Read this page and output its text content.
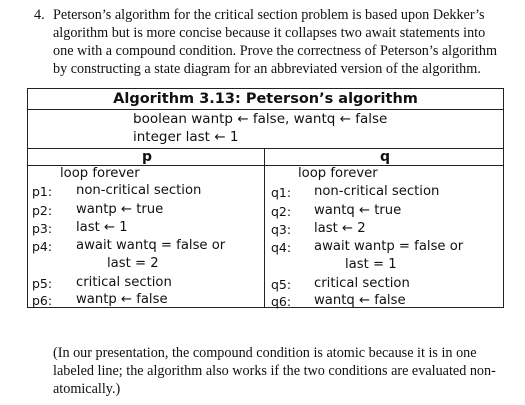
4. Peterson’s algorithm for the critical section problem is based upon Dekker’s
algorithm but is more concise because it collapses two await statements into
one with a compound condition. Prove the correctness of Peterson’s algorithm
by constructing a state diagram for an abbreviated version of the algorithm.
Algorithm 3.13: Peterson’s algorithm
boolean wantp ← false, wantq ← false
integer last ← 1
p	q
loop forever
p1: non-critical section
p2: wantp ← true
p3: last ← 1
p4: await wantq = false or
last = 2
p5: critical section
p6: wantp ← false
loop forever
q1: non-critical section
q2: wantq ← true
q3: last ← 2
q4: await wantp = false or
last = 1
q5: critical section
q6: wantq ← false
(In our presentation, the compound condition is atomic because it is in one
labeled line; the algorithm also works if the two conditions are evaluated non-
atomically.)
